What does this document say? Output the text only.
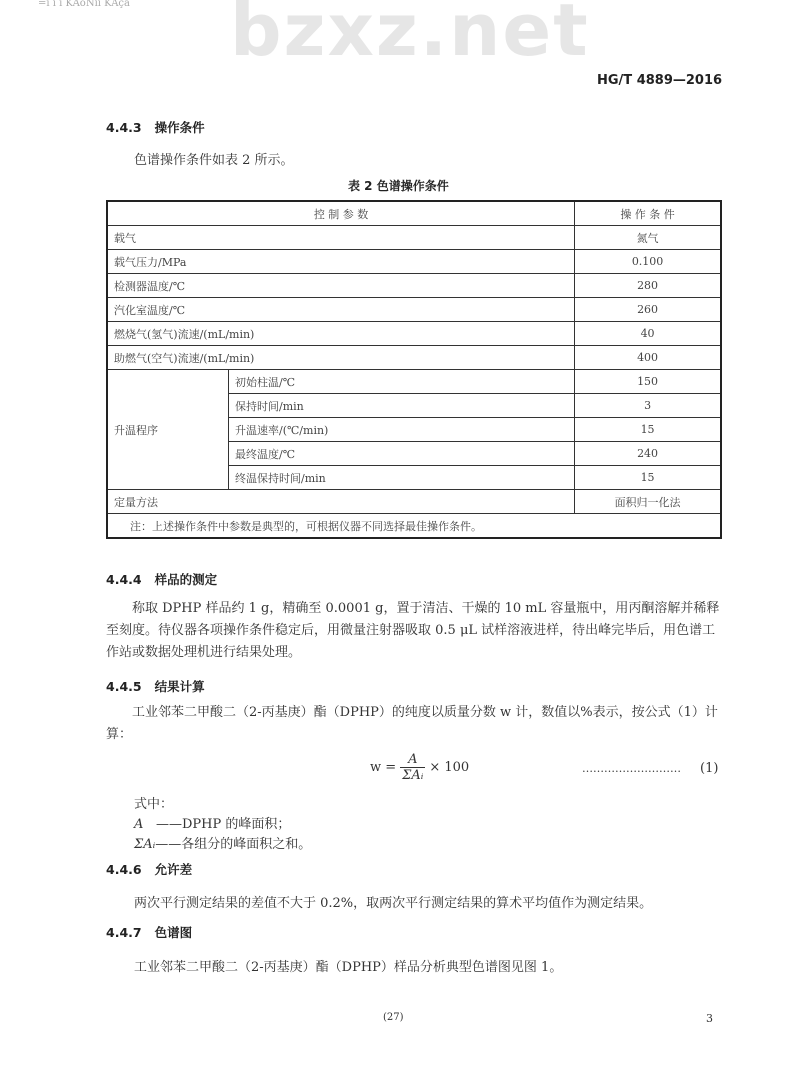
bzxz.net
=ı ı ı KAoNıı KAça
HG/T 4889—2016
4.4.3 操作条件
色谱操作条件如表 2 所示。
表 2 色谱操作条件
控 制 参 数		操 作 条 件
载气		氮气
载气压力/MPa		0.100
检测器温度/℃		280
汽化室温度/℃		260
燃烧气(氢气)流速/(mL/min)		40
助燃气(空气)流速/(mL/min)		400
升温程序	初始柱温/℃	150
	保持时间/min	3
	升温速率/(℃/min)	15
	最终温度/℃	240
	终温保持时间/min	15
定量方法		面积归一化法
注：上述操作条件中参数是典型的，可根据仪器不同选择最佳操作条件。		
4.4.4 样品的测定

称取 DPHP 样品约 1 g，精确至 0.0001 g，置于清洁、干燥的 10 mL 容量瓶中，用丙酮溶解并稀释至刻度。待仪器各项操作条件稳定后，用微量注射器吸取 0.5 μL 试样溶液进样，待出峰完毕后，用色谱工作站或数据处理机进行结果处理。

4.4.5 结果计算

工业邻苯二甲酸二（2-丙基庚）酯（DPHP）的纯度以质量分数 w 计，数值以%表示，按公式（1）计算：

w =
A
ΣAᵢ
× 100	……………………… (1)
式中：
A ——DPHP 的峰面积；
ΣAᵢ——各组分的峰面积之和。
4.4.6 允许差
两次平行测定结果的差值不大于 0.2%，取两次平行测定结果的算术平均值作为测定结果。
4.4.7 色谱图
工业邻苯二甲酸二（2-丙基庚）酯（DPHP）样品分析典型色谱图见图 1。
(27)	3
